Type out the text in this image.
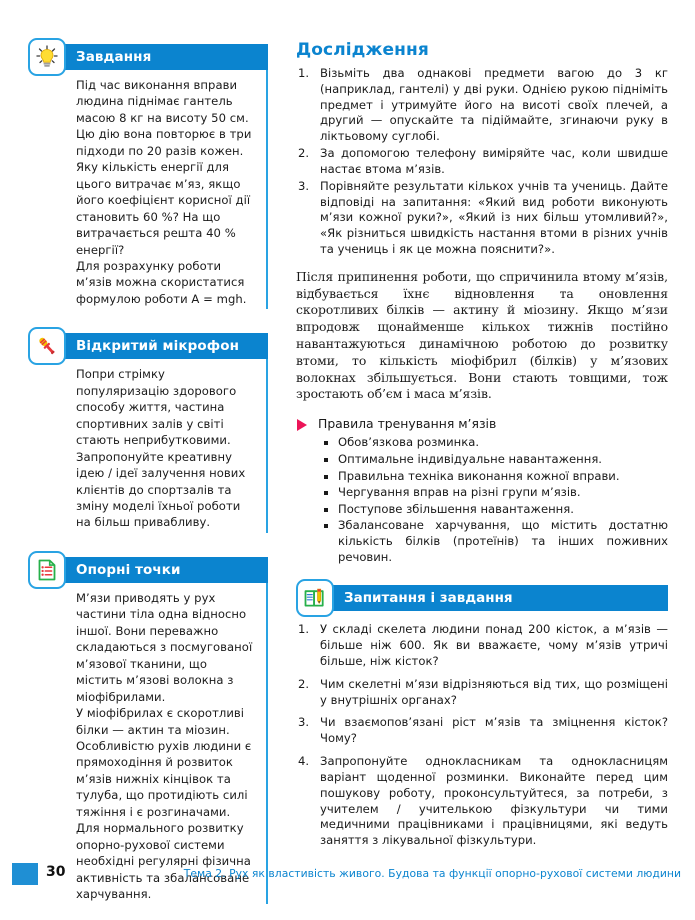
Завдання

Під час виконання вправи людина піднімає гантель масою 8 кг на висоту 50 см. Цю дію вона повторює в три підходи по 20 разів кожен. Яку кількість енергії для цього витрачає м’яз, якщо його коефіцієнт корисної дії становить 60 %? На що витрачається решта 40 % енергії?
Для розрахунку роботи м’язів можна скористатися формулою роботи A = mgh.

Відкритий мікрофон

Попри стрімку популяризацію здорового способу життя, частина спортивних залів у світі стають неприбутковими. Запропонуйте креативну ідею / ідеї залучення нових клієнтів до спортзалів та зміну моделі їхньої роботи на більш привабливу.

Опорні точки

М’язи приводять у рух частини тіла одна відносно іншої. Вони переважно складаються з посмугованої м’язової тканини, що містить м’язові волокна з міофібрилами.
У міофібрилах є скоротливі білки — актин та міозин.
Особливістю рухів людини є прямоходіння й розвиток м’язів нижніх кінцівок та тулуба, що протидіють силі тяжіння і є розгиначами.
Для нормального розвитку опорно-рухової системи необхідні регулярні фізична активність та збалансоване харчування.

Дослідження
Візьміть два однакові предмети вагою до 3 кг (наприклад, гантелі) у дві руки. Однією рукою підніміть предмет і утримуйте його на висоті своїх плечей, а другий — опускайте та підіймайте, згинаючи руку в ліктьовому суглобі.
За допомогою телефону виміряйте час, коли швидше настає втома м’язів.
Порівняйте результати кількох учнів та учениць. Дайте відповіді на запитання: «Який вид роботи виконують м’язи кожної руки?», «Який із них більш утомливий?», «Як різниться швидкість настання втоми в різних учнів та учениць і як це можна пояснити?».

Після припинення роботи, що спричинила втому м’язів, відбувається їхнє відновлення та оновлення скоротливих білків — актину й міозину. Якщо м’язи впродовж щонайменше кількох тижнів постійно навантажуються динамічною роботою до розвитку втоми, то кількість міофібрил (білків) у м’язових волокнах збільшується. Вони стають товщими, тож зростають об’єм і маса м’язів.

Правила тренування м’язів
Обов’язкова розминка.
Оптимальне індивідуальне навантаження.
Правильна техніка виконання кожної вправи.
Чергування вправ на різні групи м’язів.
Поступове збільшення навантаження.
Збалансоване харчування, що містить достатню кількість білків (протеїнів) та інших поживних речовин.
Запитання і завдання
У складі скелета людини понад 200 кісток, а м’язів — більше ніж 600. Як ви вважаєте, чому м’язів утричі більше, ніж кісток?
Чим скелетні м’язи відрізняються від тих, що розміщені у внутрішніх органах?
Чи взаємопов’язані ріст м’язів та зміцнення кісток? Чому?
Запропонуйте однокласникам та однокласницям варіант щоденної розминки. Виконайте перед цим пошукову роботу, проконсультуйтеся, за потреби, з учителем / учителькою фізкультури чи тими медичними працівниками і працівницями, які ведуть заняття з лікувальної фізкультури.
30	Тема 2. Рух як властивість живого. Будова та функції опорно-рухової системи людини
